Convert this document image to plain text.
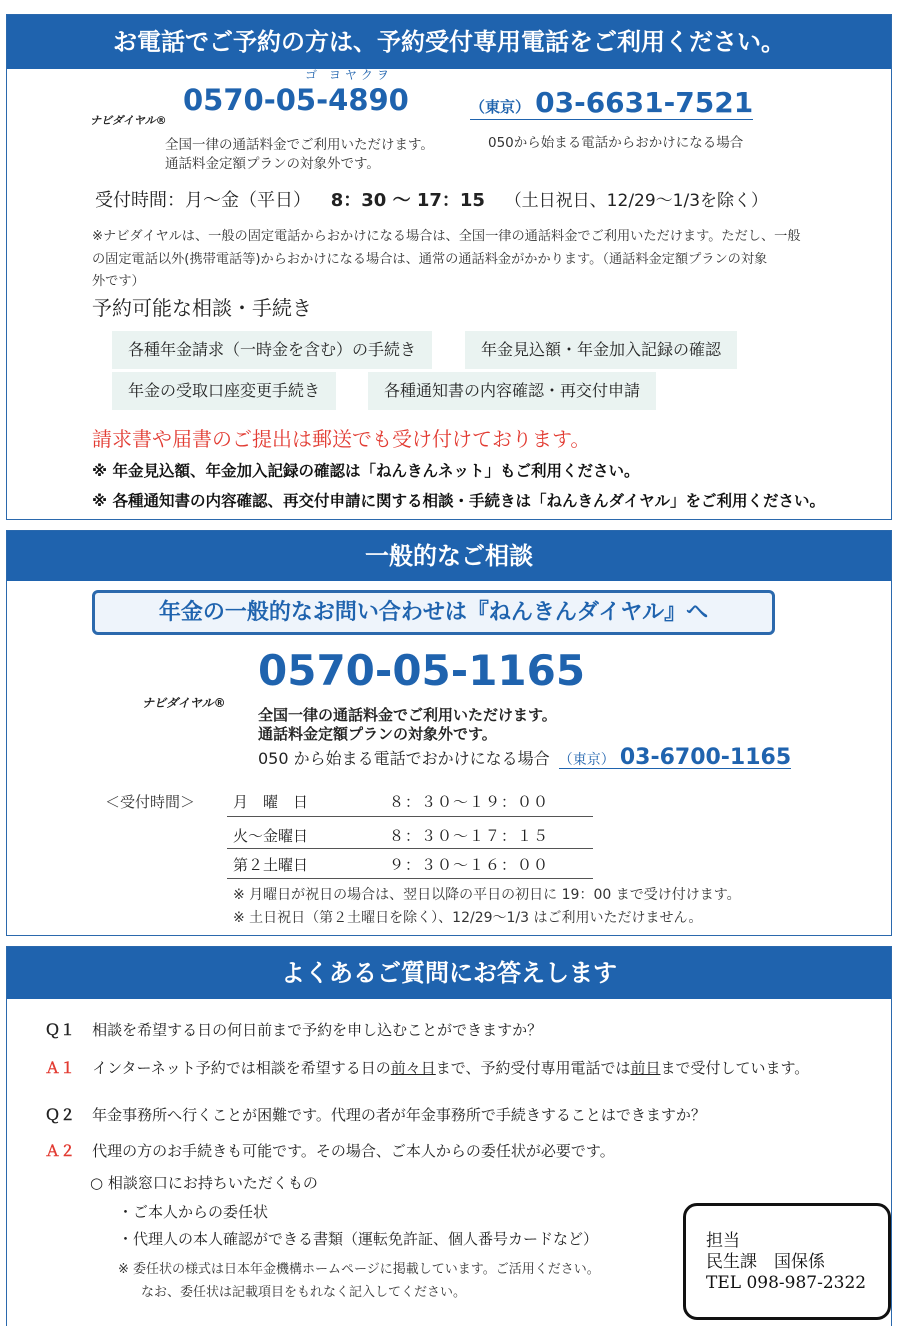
お電話でご予約の方は、予約受付専用電話をご利用ください。
ナビダイヤル®
ゴ ヨヤクヲ
0570-05-4890
全国一律の通話料金でご利用いただけます。
通話料金定額プランの対象外です。
（東京） 03-6631-7521
050から始まる電話からおかけになる場合
受付時間：月～金（平日） 8：30 ～ 17：15 （土日祝日、12/29～1/3を除く）
※ナビダイヤルは、一般の固定電話からおかけになる場合は、全国一律の通話料金でご利用いただけます。ただし、一般
の固定電話以外(携帯電話等)からおかけになる場合は、通常の通話料金がかかります。（通話料金定額プランの対象
外です）
予約可能な相談・手続き
各種年金請求（一時金を含む）の手続き	年金見込額・年金加入記録の確認
年金の受取口座変更手続き	各種通知書の内容確認・再交付申請
請求書や届書のご提出は郵送でも受け付けております。
※ 年金見込額、年金加入記録の確認は「ねんきんネット」もご利用ください。
※ 各種通知書の内容確認、再交付申請に関する相談・手続きは「ねんきんダイヤル」をご利用ください。
一般的なご相談
年金の一般的なお問い合わせは『ねんきんダイヤル』へ
ナビダイヤル®
0570-05-1165
全国一律の通話料金でご利用いただけます。
通話料金定額プランの対象外です。
050 から始まる電話でおかけになる場合 （東京） 03-6700-1165
＜受付時間＞	月　曜　日	８：３０～１９：００
火～金曜日	８：３０～１７：１５
第２土曜日	９：３０～１６：００
※ 月曜日が祝日の場合は、翌日以降の平日の初日に 19：00 まで受け付けます。
※ 土日祝日（第２土曜日を除く）、12/29～1/3 はご利用いただけません。
よくあるご質問にお答えします
Ｑ１ 相談を希望する日の何日前まで予約を申し込むことができますか？
Ａ１ インターネット予約では相談を希望する日の前々日まで、予約受付専用電話では前日まで受付しています。
Ｑ２ 年金事務所へ行くことが困難です。代理の者が年金事務所で手続きすることはできますか？
Ａ２ 代理の方のお手続きも可能です。その場合、ご本人からの委任状が必要です。
○ 相談窓口にお持ちいただくもの
・ご本人からの委任状
・代理人の本人確認ができる書類（運転免許証、個人番号カードなど）
※ 委任状の様式は日本年金機構ホームページに掲載しています。ご活用ください。
なお、委任状は記載項目をもれなく記入してください。
担当
民生課　国保係
TEL 098-987-2322
